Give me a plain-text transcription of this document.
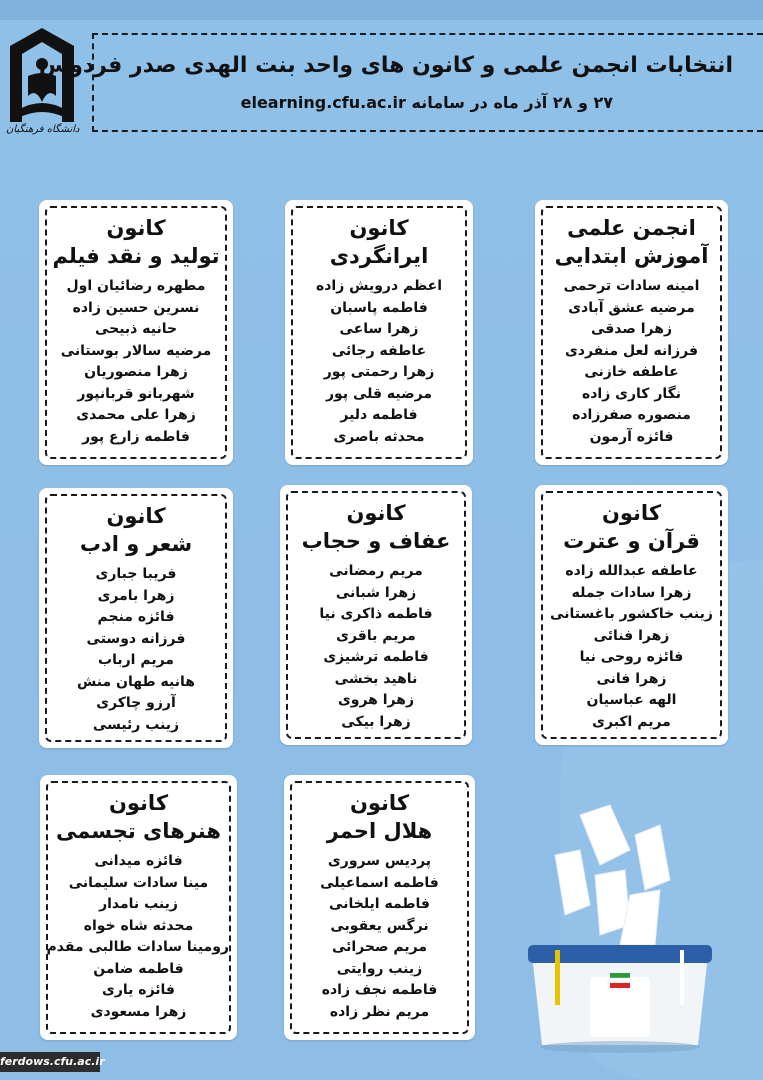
دانشگاه فرهنگیان
انتخابات انجمن علمی و کانون های واحد بنت الهدی صدر فردوس
۲۷ و ۲۸ آذر ماه در سامانه elearning.cfu.ac.ir
انجمن علمی
آموزش ابتدایی
امینه سادات ترحمی
مرضیه عشق آبادی
زهرا صدقی
فرزانه لعل منفردی
عاطفه خازنی
نگار کاری زاده
منصوره صفرزاده
فائزه آرمون
کانون
ایرانگردی
اعظم درویش زاده
فاطمه پاسبان
زهرا ساعی
عاطفه رجائی
زهرا رحمتی پور
مرضیه قلی پور
فاطمه دلیر
محدثه باصری
کانون
تولید و نقد فیلم
مطهره رضائیان اول
نسرین حسین زاده
حانیه ذبیحی
مرضیه سالار بوستانی
زهرا منصوریان
شهربانو قربانپور
زهرا علی محمدی
فاطمه زارع پور
کانون
قرآن و عترت
عاطفه عبدالله زاده
زهرا سادات جمله
زینب خاکشور باغستانی
زهرا فنائی
فائزه روحی نیا
زهرا فانی
الهه عباسیان
مریم اکبری
کانون
عفاف و حجاب
مریم رمضانی
زهرا شبانی
فاطمه ذاکری نیا
مریم باقری
فاطمه ترشیزی
ناهید بخشی
زهرا هروی
زهرا بیکی
کانون
شعر و ادب
فریبا جباری
زهرا بامری
فائزه منجم
فرزانه دوستی
مریم ارباب
هانیه طهان منش
آرزو چاکری
زینب رئیسی
کانون
هنرهای تجسمی
فائزه میدانی
مینا سادات سلیمانی
زینب نامدار
محدثه شاه خواه
رومینا سادات طالبی مقدم
فاطمه ضامن
فائزه یاری
زهرا مسعودی
کانون
هلال احمر
پردیس سروری
فاطمه اسماعیلی
فاطمه ایلخانی
نرگس یعقوبی
مریم صحرائی
زینب روایتی
فاطمه نجف زاده
مریم نظر زاده
ferdows.cfu.ac.ir
